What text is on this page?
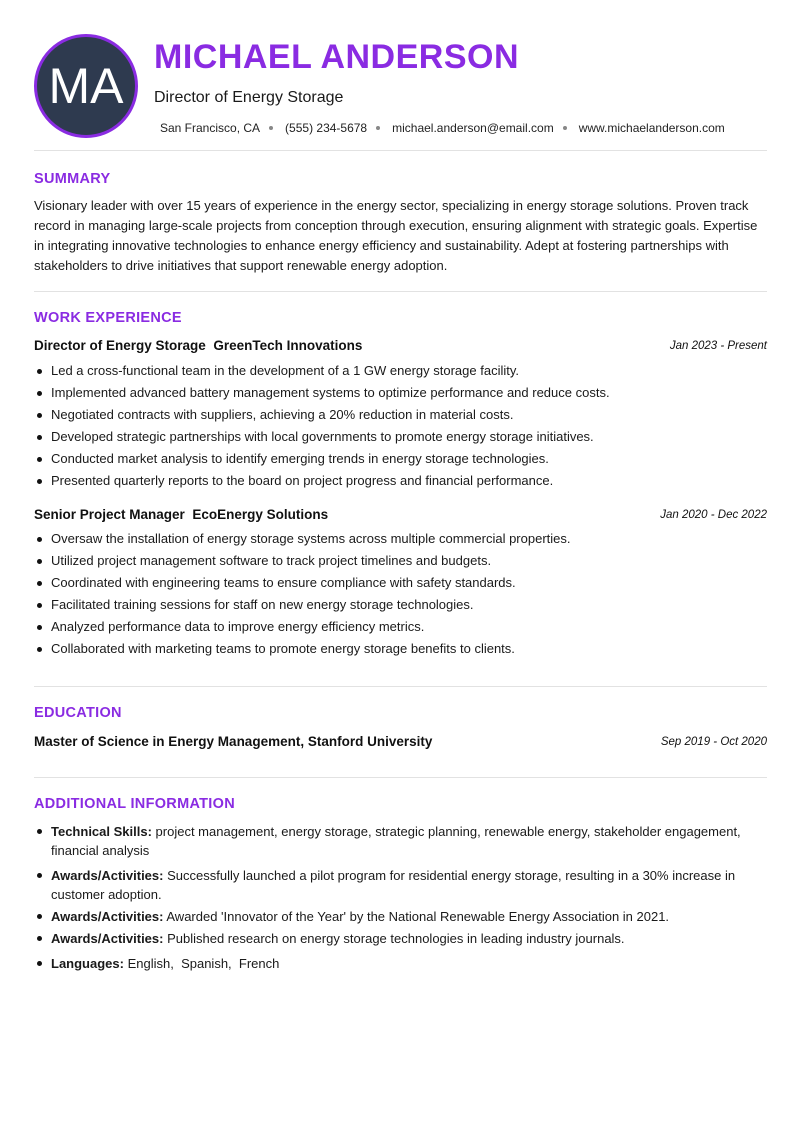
MA
MICHAEL ANDERSON
Director of Energy Storage
San Francisco, CA (555) 234-5678 michael.anderson@email.com www.michaelanderson.com
SUMMARY
Visionary leader with over 15 years of experience in the energy sector, specializing in energy storage solutions. Proven track record in managing large-scale projects from conception through execution, ensuring alignment with strategic goals. Expertise in integrating innovative technologies to enhance energy efficiency and sustainability. Adept at fostering partnerships with stakeholders to drive initiatives that support renewable energy adoption.
WORK EXPERIENCE
Director of Energy Storage GreenTech Innovations	Jan 2023 - Present
Led a cross-functional team in the development of a 1 GW energy storage facility.
Implemented advanced battery management systems to optimize performance and reduce costs.
Negotiated contracts with suppliers, achieving a 20% reduction in material costs.
Developed strategic partnerships with local governments to promote energy storage initiatives.
Conducted market analysis to identify emerging trends in energy storage technologies.
Presented quarterly reports to the board on project progress and financial performance.
Senior Project Manager EcoEnergy Solutions	Jan 2020 - Dec 2022
Oversaw the installation of energy storage systems across multiple commercial properties.
Utilized project management software to track project timelines and budgets.
Coordinated with engineering teams to ensure compliance with safety standards.
Facilitated training sessions for staff on new energy storage technologies.
Analyzed performance data to improve energy efficiency metrics.
Collaborated with marketing teams to promote energy storage benefits to clients.
EDUCATION
Master of Science in Energy Management, Stanford University	Sep 2019 - Oct 2020
ADDITIONAL INFORMATION
Technical Skills: project management, energy storage, strategic planning, renewable energy, stakeholder engagement, financial analysis
Awards/Activities: Successfully launched a pilot program for residential energy storage, resulting in a 30% increase in customer adoption.
Awards/Activities: Awarded 'Innovator of the Year' by the National Renewable Energy Association in 2021.
Awards/Activities: Published research on energy storage technologies in leading industry journals.
Languages: English,  Spanish,  French
